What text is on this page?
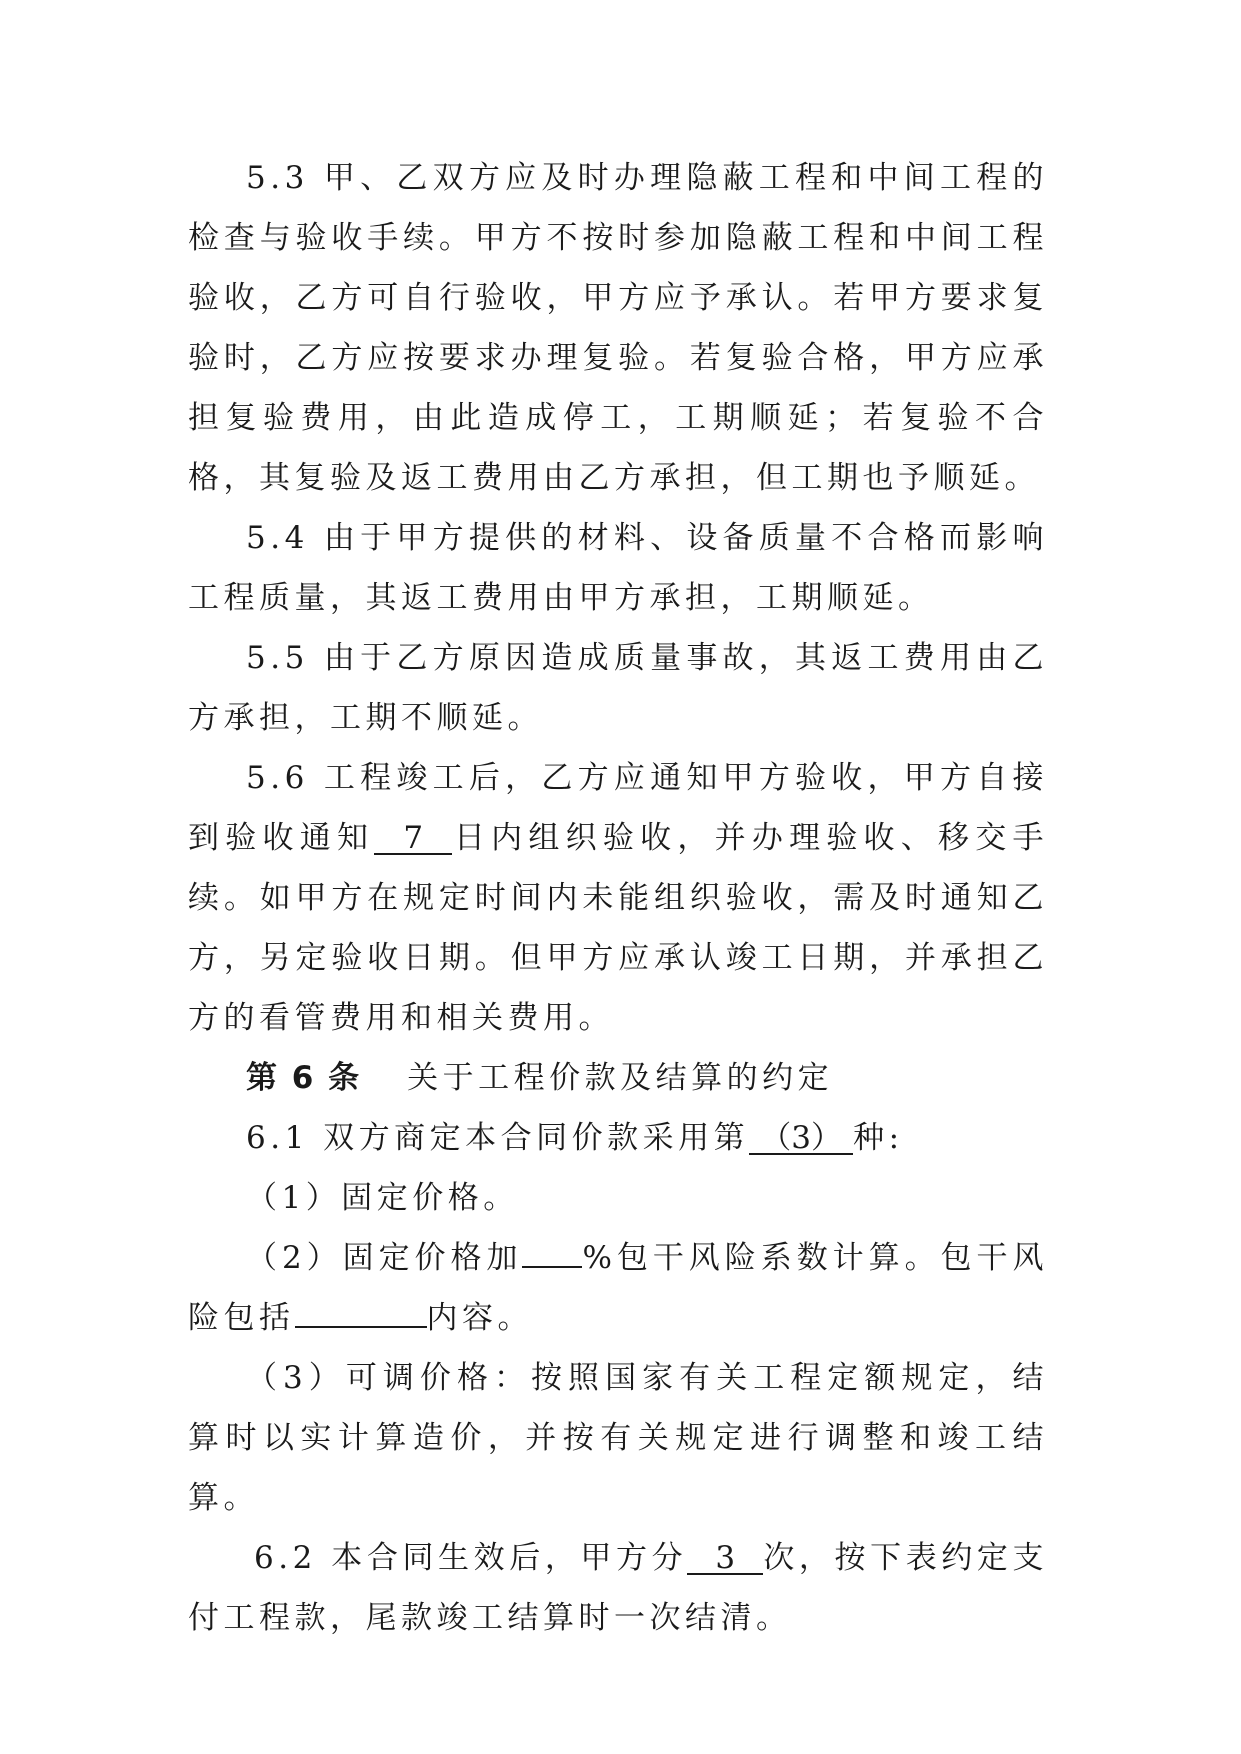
5.3 甲、乙双方应及时办理隐蔽工程和中间工程的检查与验收手续。甲方不按时参加隐蔽工程和中间工程验收，乙方可自行验收，甲方应予承认。若甲方要求复验时，乙方应按要求办理复验。若复验合格，甲方应承担复验费用，由此造成停工，工期顺延；若复验不合格，其复验及返工费用由乙方承担，但工期也予顺延。

5.4 由于甲方提供的材料、设备质量不合格而影响工程质量，其返工费用由甲方承担，工期顺延。

5.5 由于乙方原因造成质量事故，其返工费用由乙方承担，工期不顺延。

5.6 工程竣工后，乙方应通知甲方验收，甲方自接到验收通知 7 日内组织验收，并办理验收、移交手续。如甲方在规定时间内未能组织验收，需及时通知乙方，另定验收日期。但甲方应承认竣工日期，并承担乙方的看管费用和相关费用。

第 6 条 关于工程价款及结算的约定

6.1 双方商定本合同价款采用第 （3） 种:

（1）固定价格。

（2）固定价格加 %包干风险系数计算。包干风险包括	内容。

（3）可调价格：按照国家有关工程定额规定，结算时以实计算造价，并按有关规定进行调整和竣工结算。

6.2 本合同生效后，甲方分 3 次，按下表约定支付工程款，尾款竣工结算时一次结清。
